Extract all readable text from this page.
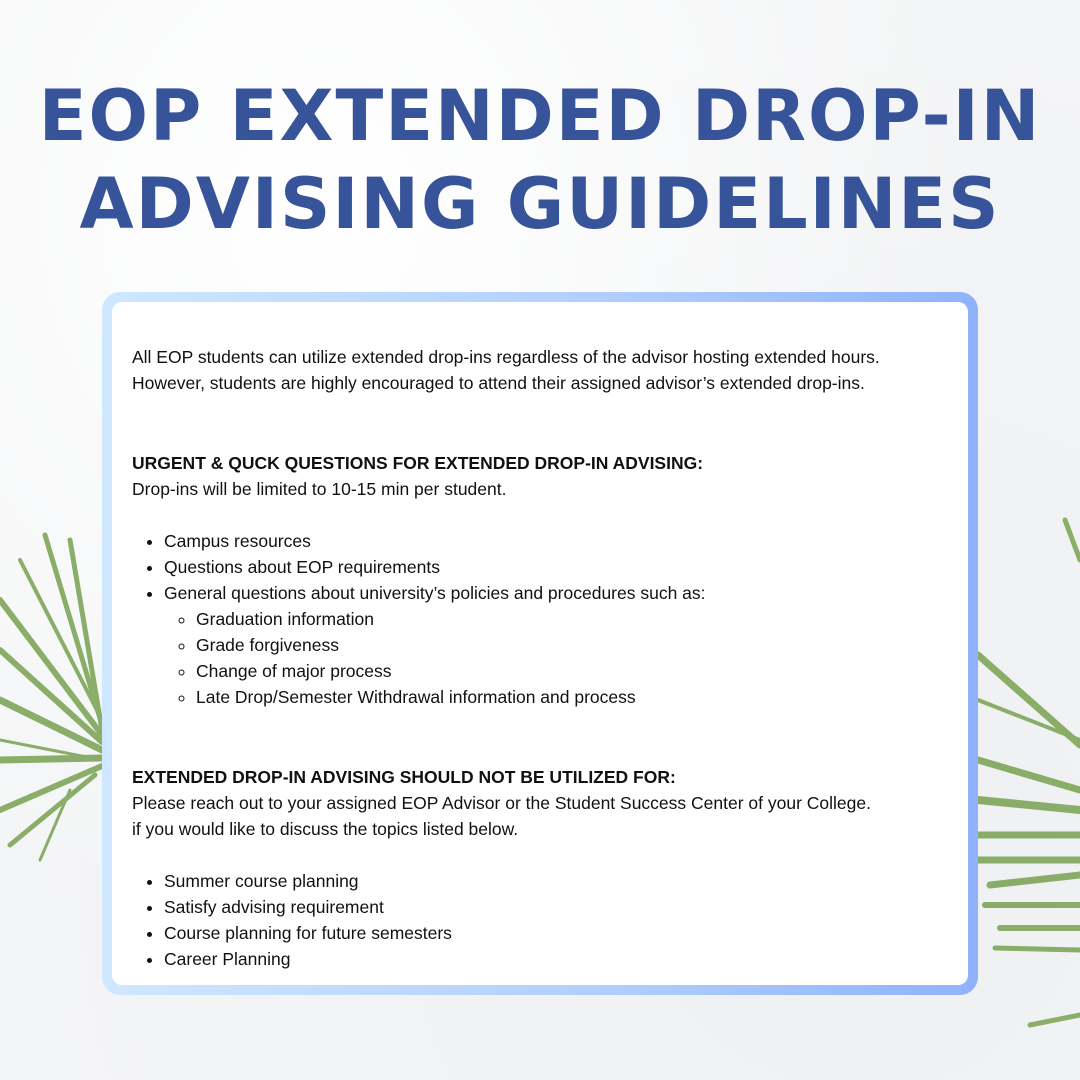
EOP EXTENDED DROP-IN
ADVISING GUIDELINES

All EOP students can utilize extended drop-ins regardless of the advisor hosting extended hours.
However, students are highly encouraged to attend their assigned advisor’s extended drop-ins.

URGENT & QUCK QUESTIONS FOR EXTENDED DROP-IN ADVISING:

Drop-ins will be limited to 10-15 min per student.

• Campus resources
• Questions about EOP requirements
• General questions about university’s policies and procedures such as:
◦ Graduation information
◦ Grade forgiveness
◦ Change of major process
◦ Late Drop/Semester Withdrawal information and process

EXTENDED DROP-IN ADVISING SHOULD NOT BE UTILIZED FOR:

Please reach out to your assigned EOP Advisor or the Student Success Center of your College.
if you would like to discuss the topics listed below.

• Summer course planning
• Satisfy advising requirement
• Course planning for future semesters
• Career Planning
